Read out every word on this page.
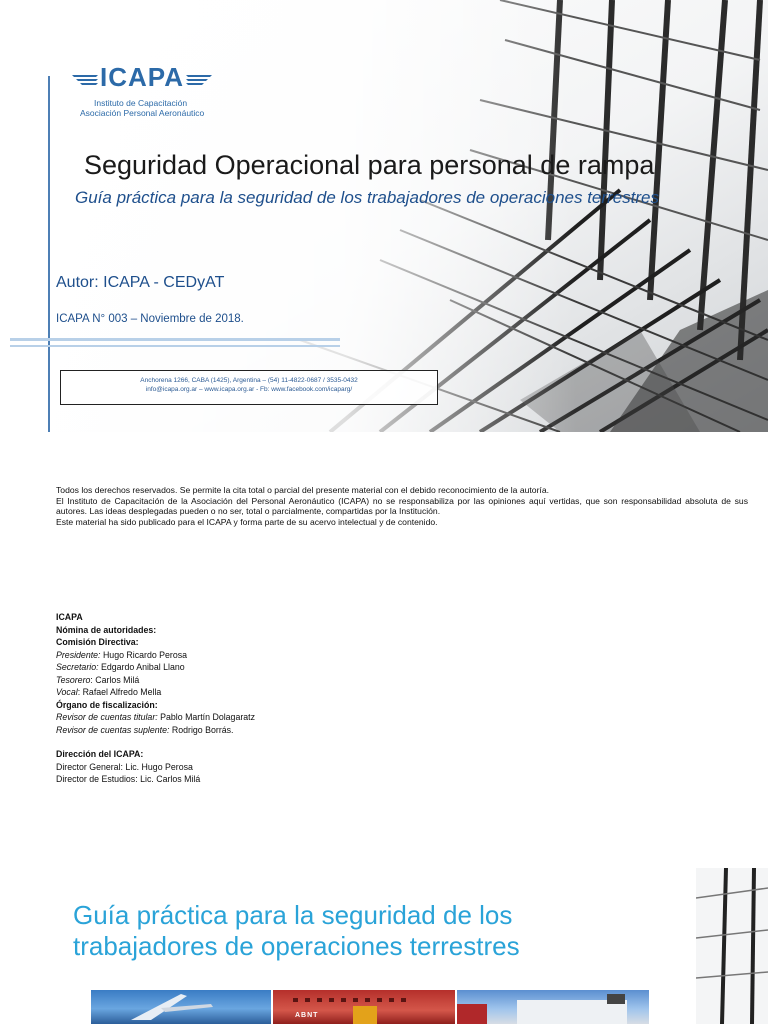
ICAPA
Instituto de Capacitación
Asociación Personal Aeronáutico
Seguridad Operacional para personal de rampa
Guía práctica para la seguridad de los trabajadores de operaciones terrestres
Autor: ICAPA - CEDyAT
ICAPA N° 003 – Noviembre de 2018.
Anchorena 1266, CABA (1425), Argentina – (54) 11-4822-0687 / 3535-0432
info@icapa.org.ar – www.icapa.org.ar - Fb: www.facebook.com/icaparg/

Todos los derechos reservados. Se permite la cita total o parcial del presente material con el debido reconocimiento de la autoría.

El Instituto de Capacitación de la Asociación del Personal Aeronáutico (ICAPA) no se responsabiliza por las opiniones aquí vertidas, que son responsabilidad absoluta de sus autores. Las ideas desplegadas pueden o no ser, total o parcialmente, compartidas por la Institución.

Este material ha sido publicado para el ICAPA y forma parte de su acervo intelectual y de contenido.

ICAPA
Nómina de autoridades:
Comisión Directiva:
Presidente: Hugo Ricardo Perosa
Secretario: Edgardo Anibal Llano
Tesorero: Carlos Milá
Vocal: Rafael Alfredo Mella
Órgano de fiscalización:
Revisor de cuentas titular: Pablo Martín Dolagaratz
Revisor de cuentas suplente: Rodrigo Borrás.
Dirección del ICAPA:
Director General: Lic. Hugo Perosa
Director de Estudios: Lic. Carlos Milá
Guía práctica para la seguridad de los
trabajadores de operaciones terrestres
ABNT
